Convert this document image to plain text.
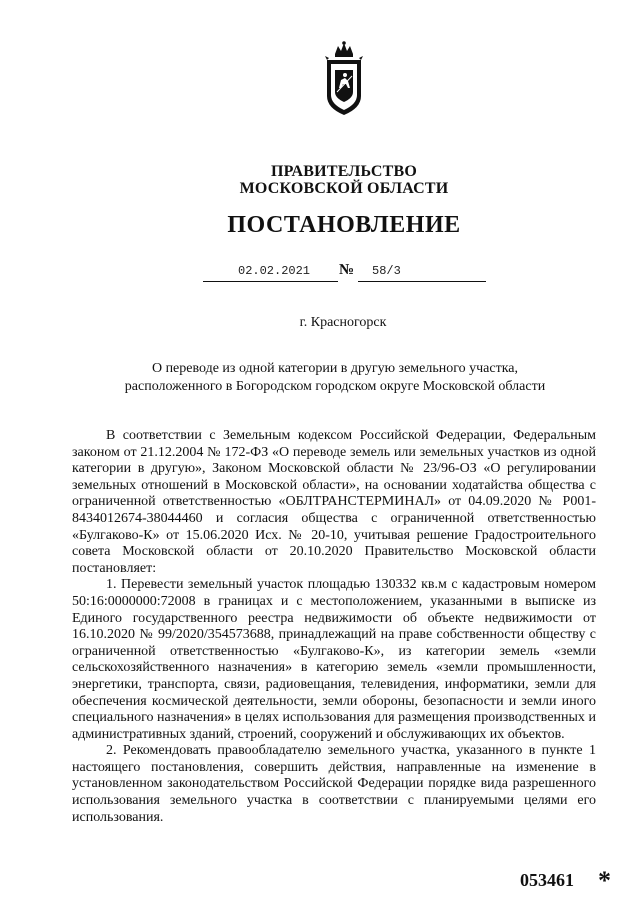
ПРАВИТЕЛЬСТВО
МОСКОВСКОЙ ОБЛАСТИ
ПОСТАНОВЛЕНИЕ
02.02.2021 № 58/3
г. Красногорск
О переводе из одной категории в другую земельного участка,
расположенного в Богородском городском округе Московской области

В соответствии с Земельным кодексом Российской Федерации, Федеральным законом от 21.12.2004 № 172-ФЗ «О переводе земель или земельных участков из одной категории в другую», Законом Московской области № 23/96-ОЗ «О регулировании земельных отношений в Московской области», на основании ходатайства общества с ограниченной ответственностью «ОБЛТРАНСТЕРМИНАЛ» от 04.09.2020 № Р001-8434012674-38044460 и согласия общества с ограниченной ответственностью «Булгаково-К» от 15.06.2020 Исх. № 20-10, учитывая решение Градостроительного совета Московской области от 20.10.2020 Правительство Московской области постановляет:

1. Перевести земельный участок площадью 130332 кв.м с кадастровым номером 50:16:0000000:72008 в границах и с местоположением, указанными в выписке из Единого государственного реестра недвижимости об объекте недвижимости от 16.10.2020 № 99/2020/354573688, принадлежащий на праве собственности обществу с ограниченной ответственностью «Булгаково-К», из категории земель «земли сельскохозяйственного назначения» в категорию земель «земли промышленности, энергетики, транспорта, связи, радиовещания, телевидения, информатики, земли для обеспечения космической деятельности, земли обороны, безопасности и земли иного специального назначения» в целях использования для размещения производственных и административных зданий, строений, сооружений и обслуживающих их объектов.

2. Рекомендовать правообладателю земельного участка, указанного в пункте 1 настоящего постановления, совершить действия, направленные на изменение в установленном законодательством Российской Федерации порядке вида разрешенного использования земельного участка в соответствии с планируемыми целями его использования.

053461 *
